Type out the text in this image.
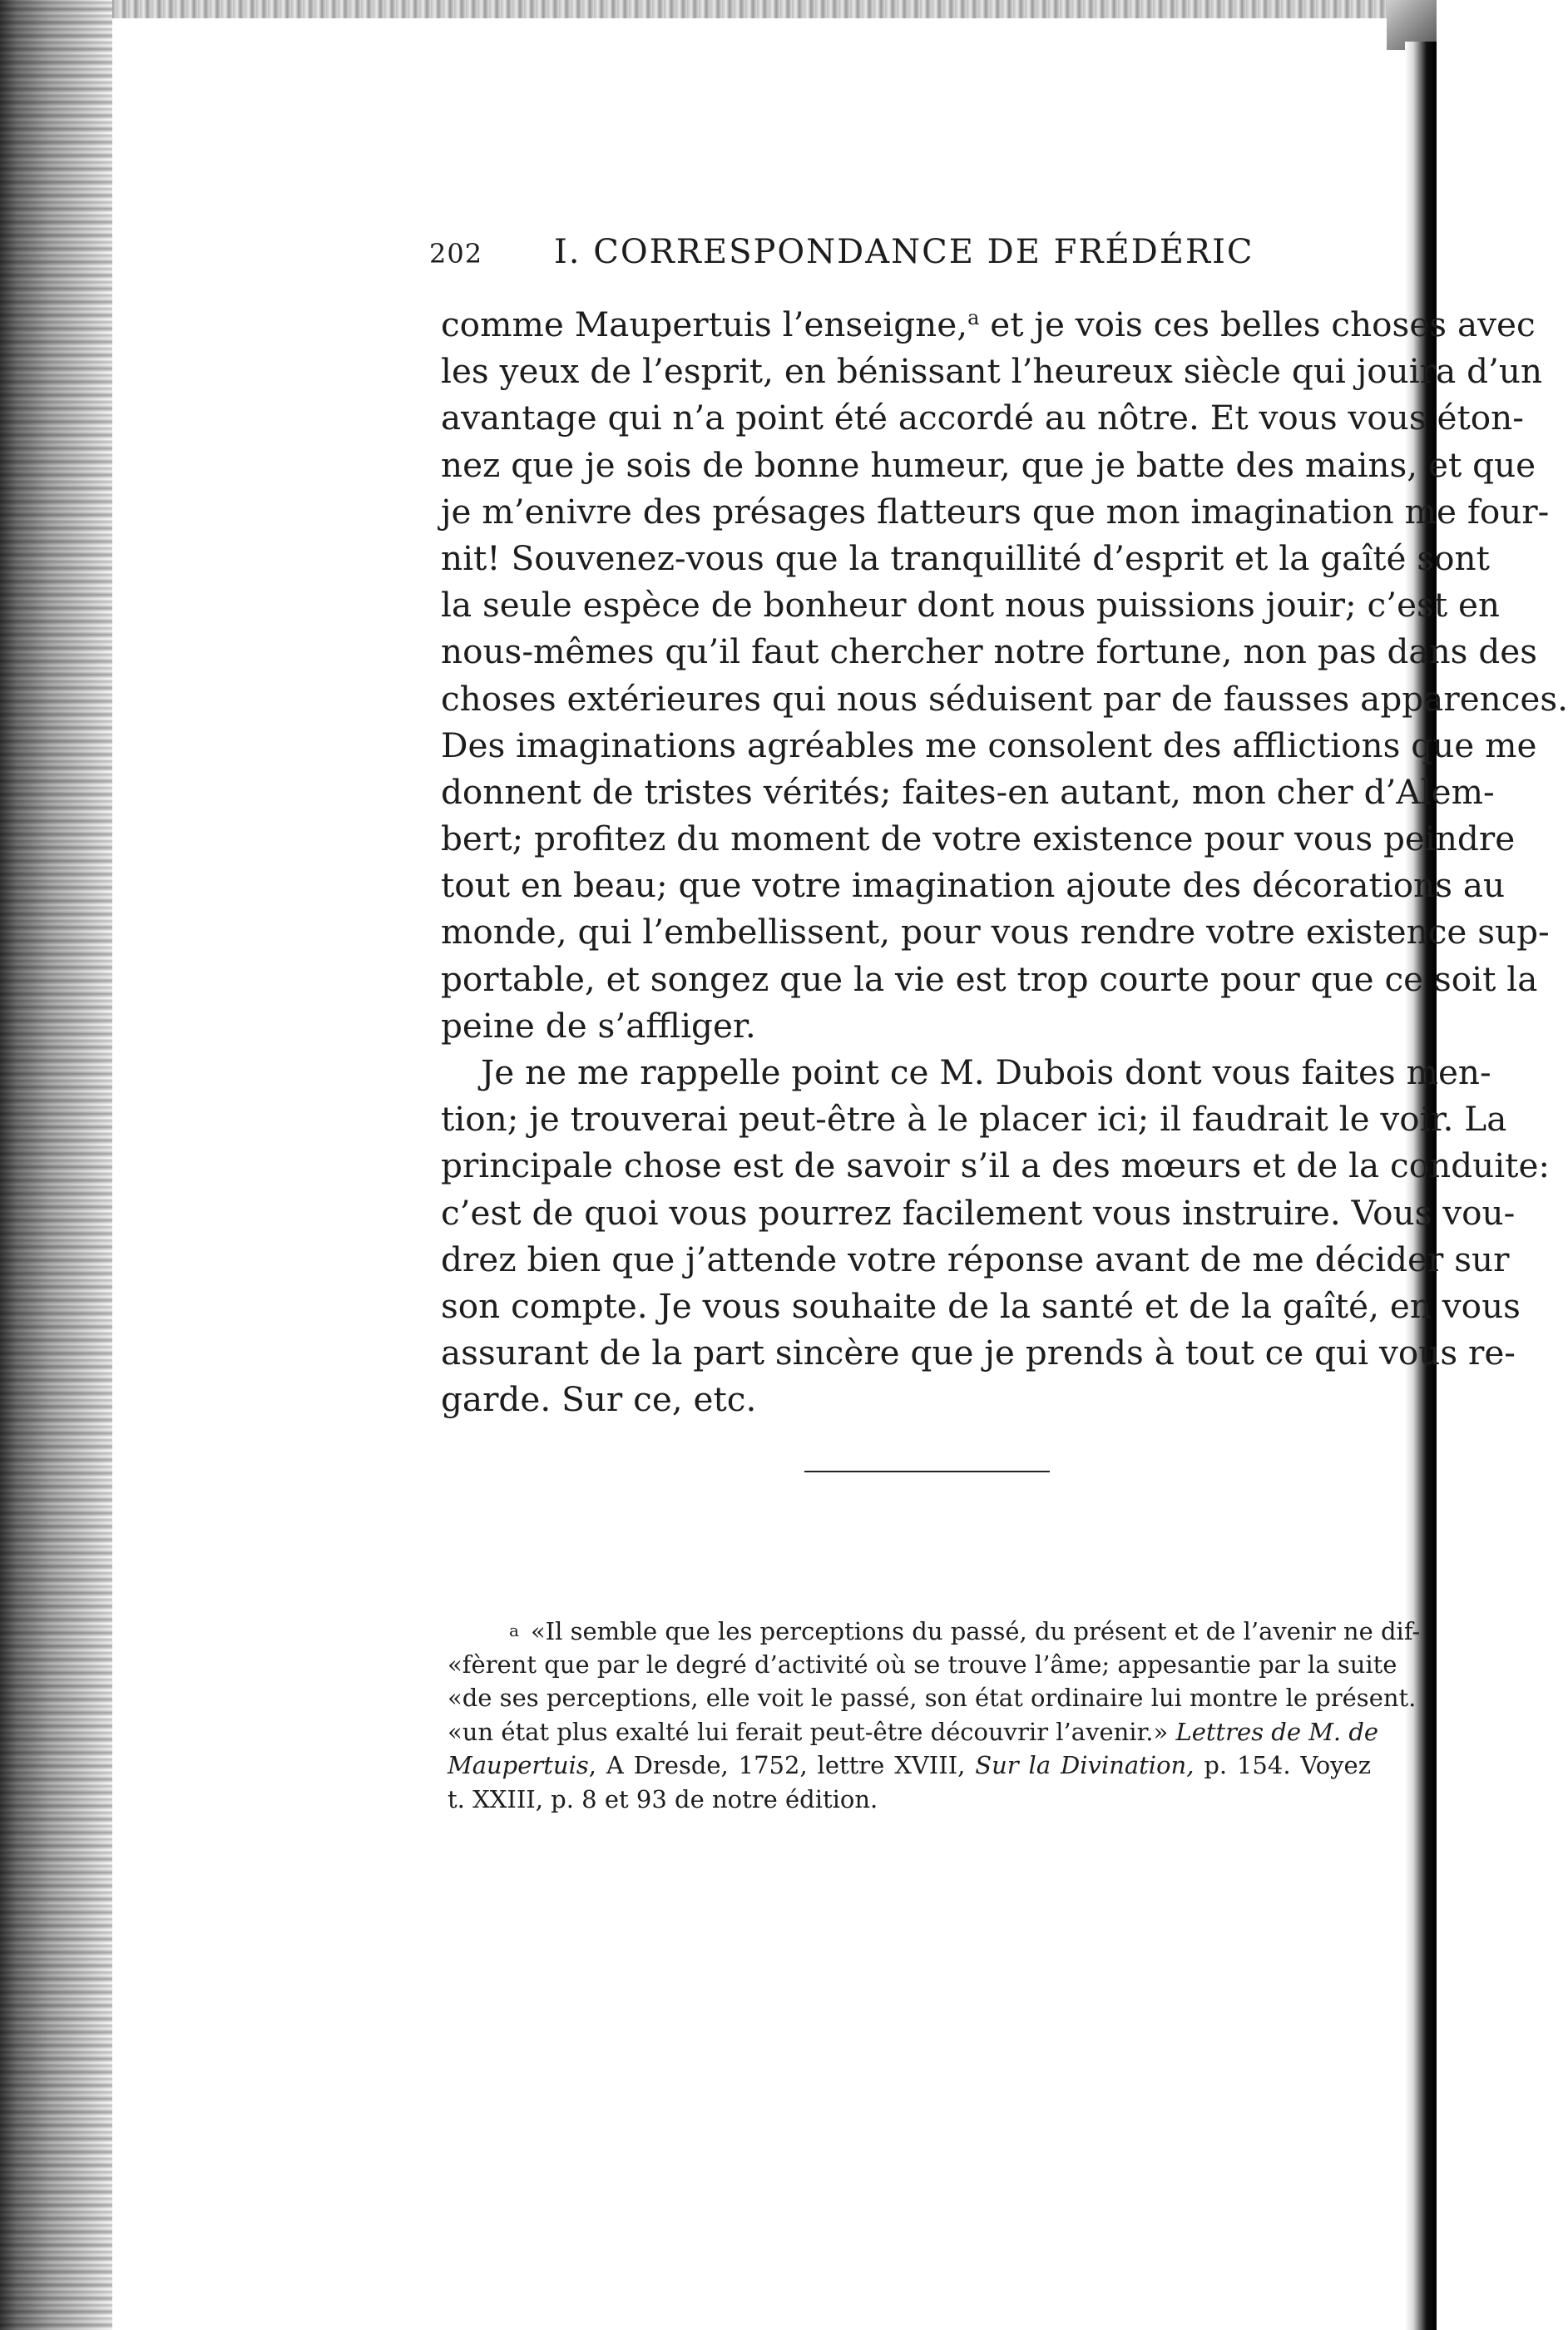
202	I. CORRESPONDANCE DE FRÉDÉRIC
comme Maupertuis l’enseigne,$^a$ et je vois ces belles choses avec
les yeux de l’esprit, en bénissant l’heureux siècle qui jouira d’un
avantage qui n’a point été accordé au nôtre. Et vous vous éton-
nez que je sois de bonne humeur, que je batte des mains, et que
je m’enivre des présages flatteurs que mon imagination me four-
nit! Souvenez-vous que la tranquillité d’esprit et la gaîté sont
la seule espèce de bonheur dont nous puissions jouir; c’est en
nous-mêmes qu’il faut chercher notre fortune, non pas dans des
choses extérieures qui nous séduisent par de fausses apparences.
Des imaginations agréables me consolent des afflictions que me
donnent de tristes vérités; faites-en autant, mon cher d’Alem-
bert; profitez du moment de votre existence pour vous peindre
tout en beau; que votre imagination ajoute des décorations au
monde, qui l’embellissent, pour vous rendre votre existence sup-
portable, et songez que la vie est trop courte pour que ce soit la
peine de s’affliger.
Je ne me rappelle point ce M. Dubois dont vous faites men-
tion; je trouverai peut-être à le placer ici; il faudrait le voir. La
principale chose est de savoir s’il a des mœurs et de la conduite:
c’est de quoi vous pourrez facilement vous instruire. Vous vou-
drez bien que j’attende votre réponse avant de me décider sur
son compte. Je vous souhaite de la santé et de la gaîté, en vous
assurant de la part sincère que je prends à tout ce qui vous re-
garde. Sur ce, etc.
a «Il semble que les perceptions du passé, du présent et de l’avenir ne dif-
«fèrent que par le degré d’activité où se trouve l’âme; appesantie par la suite
«de ses perceptions, elle voit le passé, son état ordinaire lui montre le présent.
«un état plus exalté lui ferait peut-être découvrir l’avenir.» Lettres de M. de
Maupertuis, A Dresde, 1752, lettre XVIII, Sur la Divination, p. 154. Voyez
t. XXIII, p. 8 et 93 de notre édition.
